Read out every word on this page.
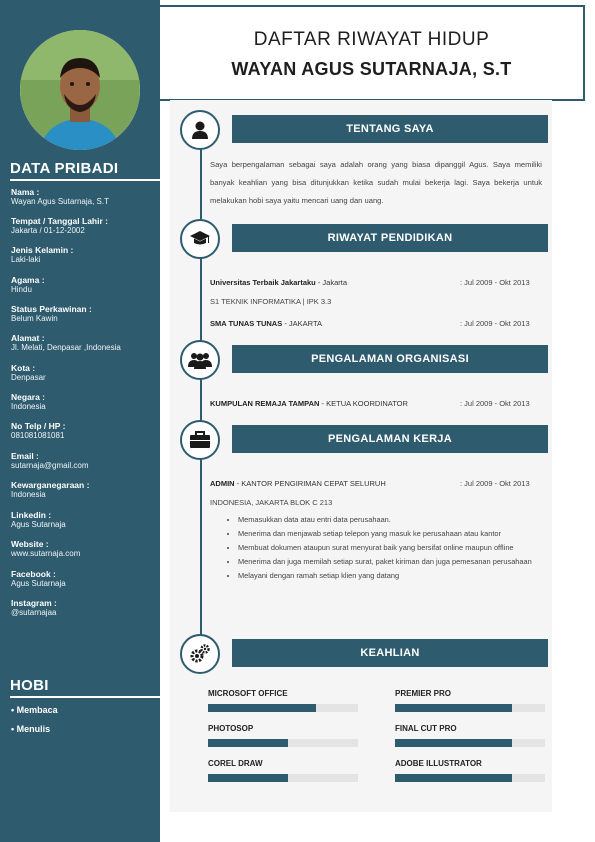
DATA PRIBADI
Nama :
Wayan Agus Sutarnaja, S.T
Tempat / Tanggal Lahir :
Jakarta / 01-12-2002
Jenis Kelamin :
Laki-laki
Agama :
Hindu
Status Perkawinan :
Belum Kawin
Alamat :
Jl. Melati, Denpasar ,Indonesia
Kota :
Denpasar
Negara :
Indonesia
No Telp / HP :
081081081081
Email :
sutarnaja@gmail.com
Kewarganegaraan :
Indonesia
Linkedin :
Agus Sutarnaja
Website :
www.sutarnaja.com
Facebook :
Agus Sutarnaja
Instagram :
@sutarnajaa
HOBI
• Membaca
• Menulis
DAFTAR RIWAYAT HIDUP
WAYAN AGUS SUTARNAJA, S.T
TENTANG SAYA
Saya berpengalaman sebagai saya adalah orang yang biasa dipanggil Agus. Saya memiliki banyak keahlian yang bisa ditunjukkan ketika sudah mulai bekerja lagi. Saya bekerja untuk melakukan hobi saya yaitu mencari uang dan uang.
RIWAYAT PENDIDIKAN
Universitas Terbaik Jakartaku - Jakarta	: Jul 2009 - Okt 2013
S1 TEKNIK INFORMATIKA | IPK 3.3
SMA TUNAS TUNAS - JAKARTA	: Jul 2009 - Okt 2013
PENGALAMAN ORGANISASI
KUMPULAN REMAJA TAMPAN - KETUA KOORDINATOR	: Jul 2009 - Okt 2013
PENGALAMAN KERJA
ADMIN - KANTOR PENGIRIMAN CEPAT SELURUH	: Jul 2009 - Okt 2013
INDONESIA, JAKARTA BLOK C 213
• Memasukkan data atau entri data perusahaan.
• Menerima dan menjawab setiap telepon yang masuk ke perusahaan atau kantor
• Membuat dokumen ataupun surat menyurat baik yang bersifat online maupun offline
• Menerima dan juga memilah setiap surat, paket kiriman dan juga pemesanan perusahaan
• Melayani dengan ramah setiap klien yang datang
KEAHLIAN
MICROSOFT OFFICE	PREMIER PRO
PHOTOSOP	FINAL CUT PRO
COREL DRAW	ADOBE ILLUSTRATOR
